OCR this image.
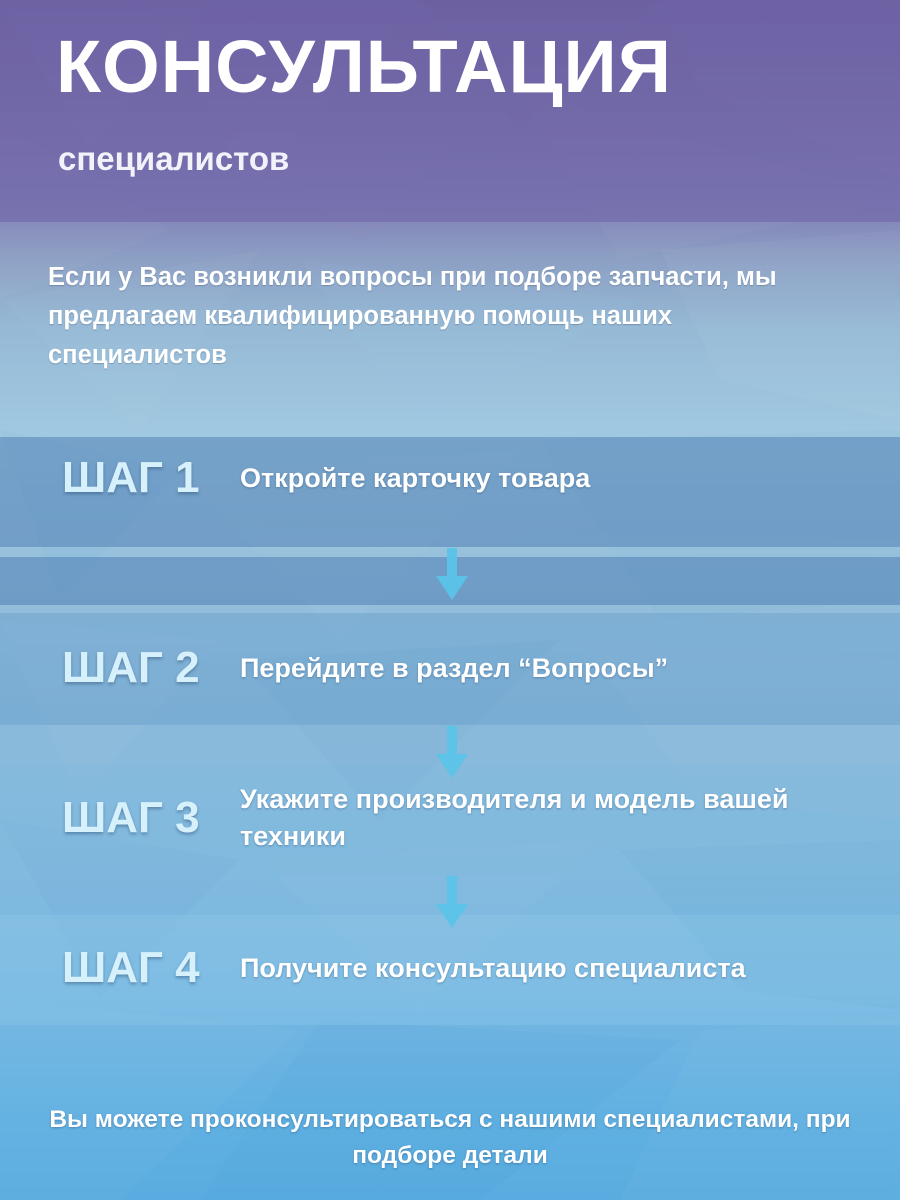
КОНСУЛЬТАЦИЯ
специалистов
Если у Вас возникли вопросы при подборе запчасти, мы предлагаем квалифицированную помощь наших специалистов
ШАГ 1	Откройте карточку товара
ШАГ 2	Перейдите в раздел “Вопросы”
ШАГ 3	Укажите производителя и модель вашей техники
ШАГ 4	Получите консультацию специалиста
Вы можете проконсультироваться с нашими специалистами, при подборе детали
